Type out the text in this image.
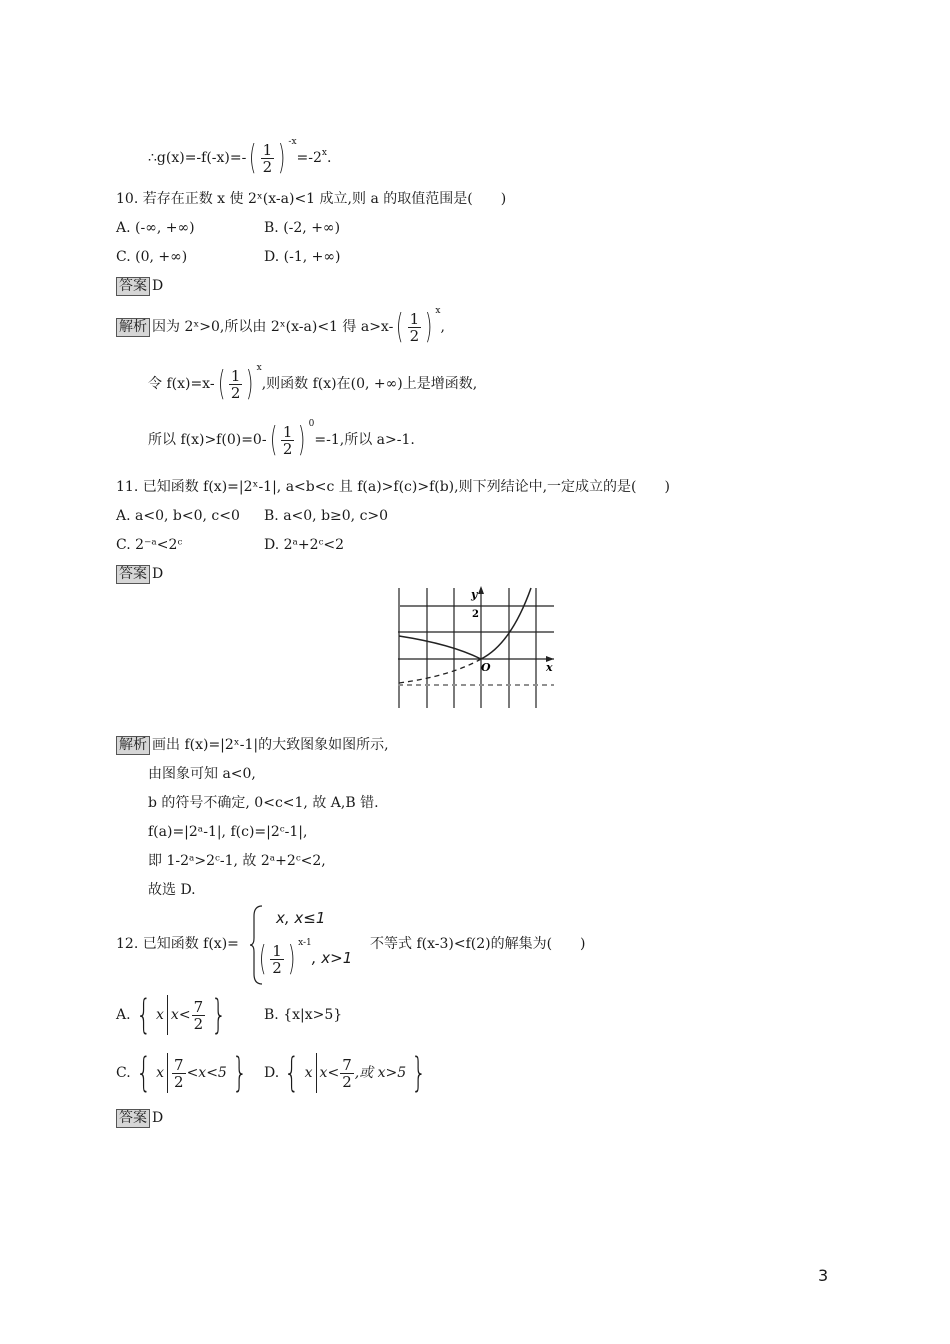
∴g(x)=-f(-x)=-( $\frac{1}{2}$ ) $^{-x}=-2^x$.
10. 若存在正数 x 使 2ˣ(x-a)<1 成立,则 a 的取值范围是(　　)
A. (-∞, +∞)	B. (-2, +∞)
C. (0, +∞)	D. (-1, +∞)
答案 D
解析 因为 2ˣ>0,所以由 2ˣ(x-a)<1 得 $a>x-( \frac{1}{2}$ ) $^x$,
令 $f(x)=x-( \frac{1}{2}$ ) $^x$,则函数 f(x)在(0, +∞)上是增函数,
所以 $f(x)>f(0)=0-( \frac{1}{2}$ ) $^0$=-1,所以 a>-1.
11. 已知函数 f(x)=|2ˣ-1|, a<b<c 且 f(a)>f(c)>f(b),则下列结论中,一定成立的是(　　)
A. a<0, b<0, c<0 B. a<0, b≥0, c>0
C. 2⁻ᵃ<2ᶜ	D. 2ᵃ+2ᶜ<2
答案 D
y
2
x
O
解析 画出 f(x)=|2ˣ-1|的大致图象如图所示,
由图象可知 a<0,
b 的符号不确定, 0<c<1, 故 A,B 错.
f(a)=|2ᵃ-1|, f(c)=|2ᶜ-1|,
即 1-2ᵃ>2ᶜ-1, 故 2ᵃ+2ᶜ<2,
故选 D.
12. 已知函数 f(x)=
x, x≤1
( $\frac{1}{2}$ ) $^{x-1}$, x>1
不等式 f(x-3)<f(2)的解集为(　　)
A. { x $x< \frac{7}{2}$ }	B. {x|x>5}
C. { x $\frac{7}{2} <x<5$ }	D. { x $x< \frac{7}{2}$ ,或 x>5 }
答案 D
3
